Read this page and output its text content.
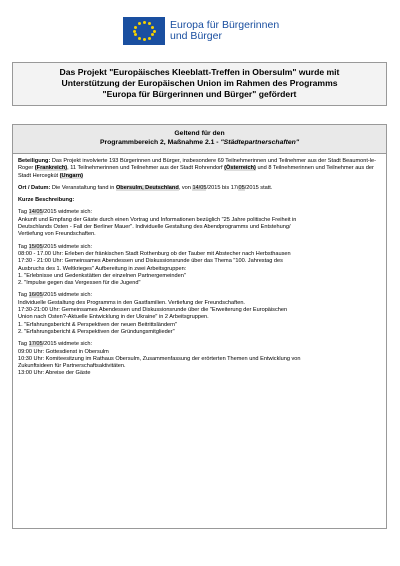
Europa für Bürgerinnen
und Bürger
Das Projekt "Europäisches Kleeblatt-Treffen in Obersulm" wurde mit
Unterstützung der Europäischen Union im Rahmen des Programms
"Europa für Bürgerinnen und Bürger" gefördert
Geltend für den
Programmbereich 2, Maßnahme 2.1 - "Städtepartnerschaften"

Beteiligung: Das Projekt involvierte 193 Bürgerinnen und Bürger, insbesondere 69 Teilnehmerinnen und Teilnehmer aus der Stadt Beaumont-le-Roger (Frankreich), 11 Teilnehmerinnen und Teilnehmer aus der Stadt Rohrendorf (Österreich) und 8 Teilnehmerinnen und Teilnehmer aus der Stadt Hercegkút (Ungarn)

Ort / Datum: Die Veranstaltung fand in Obersulm, Deutschland, von 14/05/2015 bis 17/05/2015 statt.

Kurze Beschreibung:

Tag 14/05/2015 widmete sich:

Ankunft und Empfang der Gäste durch einen Vortrag und Informationen bezüglich "25 Jahre politische Freiheit in

Deutschlands Osten - Fall der Berliner Mauer". Individuelle Gestaltung des Abendprogramms und Entstehung/

Vertiefung von Freundschaften.

Tag 15/05/2015 widmete sich:

08:00 - 17.00 Uhr: Erleben der fränkischen Stadt Rothenburg ob der Tauber mit Abstecher nach Herbsthausen

17:30 - 21:00 Uhr: Gemeinsames Abendessen und Diskussionsrunde über das Thema "100. Jahrestag des

Ausbruchs des 1. Weltkrieges" Aufbereitung in zwei Arbeitsgruppen:

1. "Erlebnisse und Gedenkstätten der einzelnen Partnergemeinden"

2. "Impulse gegen das Vergessen für die Jugend"

Tag 16/05/2015 widmete sich:

Individuelle Gestaltung des Programms in den Gastfamilien. Vertiefung der Freundschaften.

17:30-21:00 Uhr: Gemeinsames Abendessen und Diskussionsrunde über die "Erweiterung der Europäischen

Union nach Osten?-Aktuelle Entwicklung in der Ukraine" in 2 Arbeitsgruppen.

1. "Erfahrungsbericht & Perspektiven der neuen Beitrittsländern"

2. "Erfahrungsbericht & Perspektiven der Gründungsmitglieder"

Tag 17/05/2015 widmete sich:

09:00 Uhr: Gottesdienst in Obersulm

10:30 Uhr: Komiteesitzung im Rathaus Obersulm, Zusammenfassung der erörterten Themen und Entwicklung von

Zukunftsideen für Partnerschaftsaktivitäten.

13:00 Uhr: Abreise der Gäste
